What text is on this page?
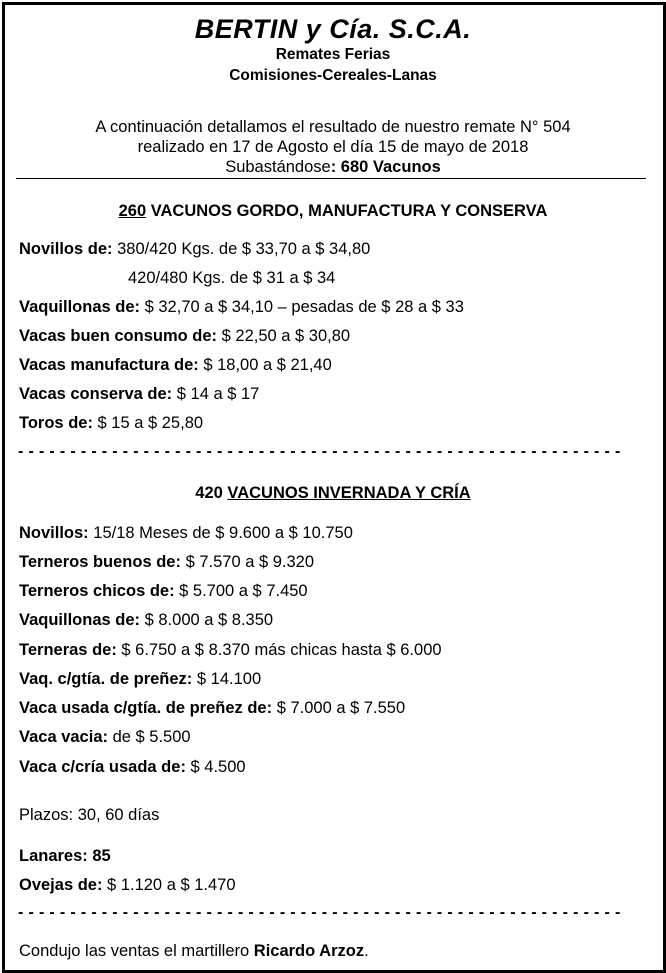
BERTIN y Cía. S.C.A.
Remates Ferias
Comisiones-Cereales-Lanas
A continuación detallamos el resultado de nuestro remate N° 504
realizado en 17 de Agosto el día 15 de mayo de 2018
Subastándose: 680 Vacunos
260 VACUNOS GORDO, MANUFACTURA Y CONSERVA
Novillos de: 380/420 Kgs. de $ 33,70 a $ 34,80
420/480 Kgs. de $ 31 a $ 34
Vaquillonas de: $ 32,70 a $ 34,10 – pesadas de $ 28 a $ 33
Vacas buen consumo de: $ 22,50 a $ 30,80
Vacas manufactura de: $ 18,00 a $ 21,40
Vacas conserva de: $ 14 a $ 17
Toros de: $ 15 a $ 25,80
- - - - - - - - - - - - - - - - - - - - - - - - - - - - - - - - - - - - - - - - - - - - - - - - - - - - - - - - - -
420 VACUNOS INVERNADA Y CRÍA
Novillos: 15/18 Meses de $ 9.600 a $ 10.750
Terneros buenos de: $ 7.570 a $ 9.320
Terneros chicos de: $ 5.700 a $ 7.450
Vaquillonas de: $ 8.000 a $ 8.350
Terneras de: $ 6.750 a $ 8.370 más chicas hasta $ 6.000
Vaq. c/gtía. de preñez: $ 14.100
Vaca usada c/gtía. de preñez de: $ 7.000 a $ 7.550
Vaca vacia: de $ 5.500
Vaca c/cría usada de: $ 4.500
Plazos: 30, 60 días
Lanares: 85
Ovejas de: $ 1.120 a $ 1.470
- - - - - - - - - - - - - - - - - - - - - - - - - - - - - - - - - - - - - - - - - - - - - - - - - - - - - - - - - -
Condujo las ventas el martillero Ricardo Arzoz.
